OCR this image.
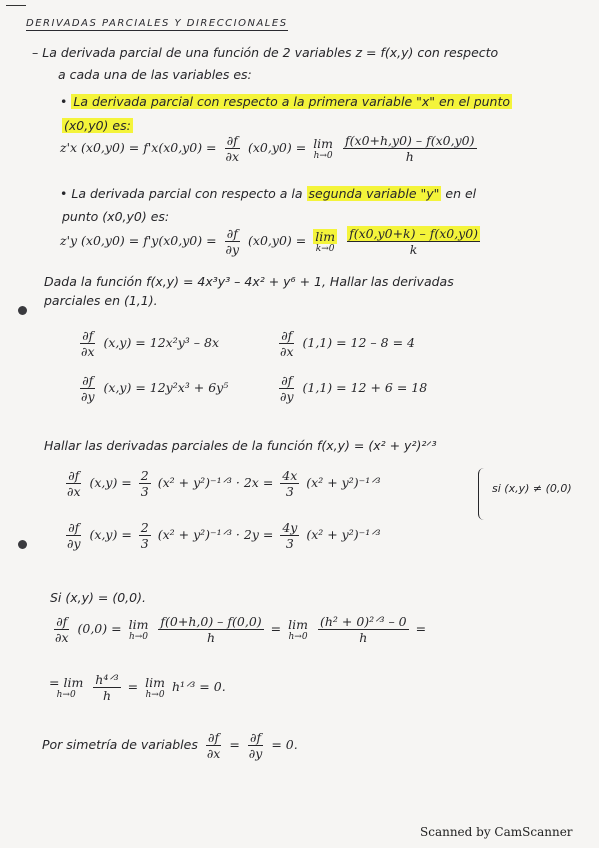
DERIVADAS PARCIALES Y DIRECCIONALES
– La derivada parcial de una función de 2 variables z = f(x,y) con respecto
a cada una de las variables es:
• La derivada parcial con respecto a la primera variable "x" en el punto
(x0,y0) es:
z'x $(x0,y0) = f'x(x0,y0) = \frac{\partial f}{\partial x} (x0,y0) = \lim$
h→0
$\frac{f(x0+h,y0) - f(x0,y0)}{h}$
• La derivada parcial con respecto a la segunda variable "y" en el
punto (x0,y0) es:
z'y $(x0,y0) = f'y(x0,y0) = \frac{\partial f}{\partial y} (x0,y0) = \lim$
k→0
$\frac{f(x0,y0+k) - f(x0,y0)}{k}$
Dada la función f(x,y) = 4x³y³ – 4x² + y⁶ + 1, Hallar las derivadas
parciales en (1,1).
$\frac{\partial f}{\partial x} (x,y) = 12x^2y^3 - 8x$	$\frac{\partial f}{\partial x} (1,1) = 12 - 8 = 4$
$\frac{\partial f}{\partial y} (x,y) = 12y^2x^3 + 6y^5$	$\frac{\partial f}{\partial y} (1,1) = 12 + 6 = 18$
Hallar las derivadas parciales de la función f(x,y) = (x² + y²)²ᐟ³
$\frac{\partial f}{\partial x} (x,y) = \frac{2}{3} (x^2$ + y²)⁻¹ᐟ³ · $2x = \frac{4x}{3} (x^2$ + y²)⁻¹ᐟ³	si (x,y) ≠ (0,0)
$\frac{\partial f}{\partial y} (x,y) = \frac{2}{3} (x^2$ + y²)⁻¹ᐟ³ · $2y = \frac{4y}{3} (x^2$ + y²)⁻¹ᐟ³
Si (x,y) = (0,0).
$\frac{\partial f}{\partial x} (0,0) = \lim$
h→0
$\frac{f(0+h,0) - f(0,0)}{h} = \lim$
h→0
$\frac{\text{(h² + 0)²ᐟ³ – 0}}{h}$ =
= lim
h→0
$\frac{\text{h⁴ᐟ³}}{h} = \lim$
h→0
h¹ᐟ³ = 0.
Por simetría de variables $\frac{\partial f}{\partial x} = \frac{\partial f}{\partial y} = 0$.
Scanned by CamScanner
